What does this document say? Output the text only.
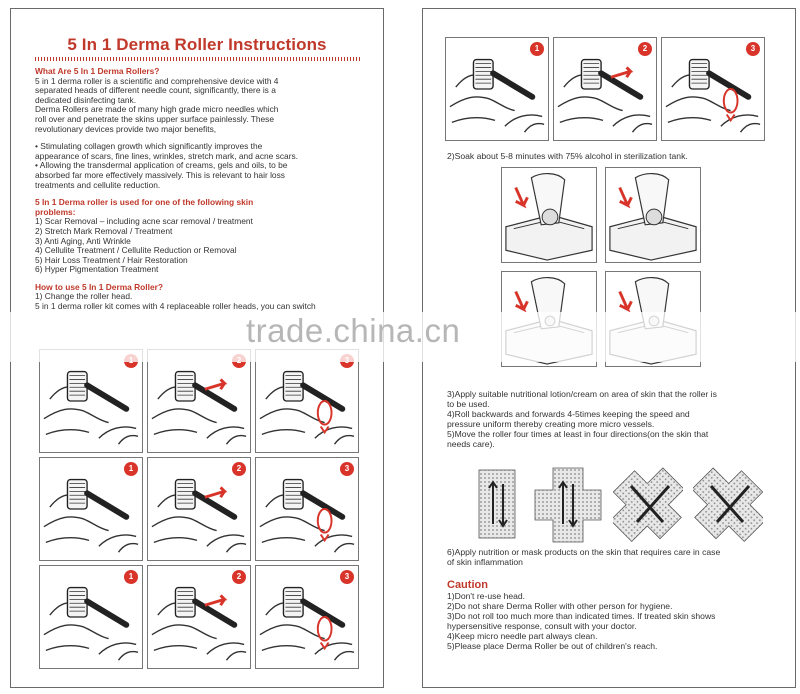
5 In 1 Derma Roller Instructions

What Are 5 In 1 Derma Rollers?

5 in 1 derma roller is a scientific and comprehensive device with 4

separated heads of different needle count, significantly, there is a

dedicated disinfecting tank.

Derma Rollers are made of many high grade micro needles which

roll over and penetrate the skins upper surface painlessly. These

revolutionary devices provide two major benefits,

• Stimulating collagen growth which significantly improves the

appearance of scars, fine lines, wrinkles, stretch mark, and acne scars.

• Allowing the transdermal application of creams, gels and oils, to be

absorbed far more effectively massively. This is relevant to hair loss

treatments and cellulite reduction.

5 In 1 Derma roller is used for one of the following skin

problems:

1) Scar Removal – including acne scar removal / treatment

2) Stretch Mark Removal / Treatment

3) Anti Aging, Anti Wrinkle

4) Cellulite Treatment / Cellulite Reduction or Removal

5) Hair Loss Treatment / Hair Restoration

6) Hyper Pigmentation Treatment

How to use 5 In 1 Derma Roller?

1) Change the roller head.

5 in 1 derma roller kit comes with 4 replaceable roller heads, you can switch

1	2	3
1	2	3
1	2	3
2)Soak about 5-8 minutes with 75% alcohol in sterilization tank.

3)Apply suitable nutritional lotion/cream on area of skin that the roller is

to be used.

4)Roll backwards and forwards 4-5times keeping the speed and

pressure uniform thereby creating more micro vessels.

5)Move the roller four times at least in four directions(on the skin that

needs care).

6)Apply nutrition or mask products on the skin that requires care in case

of skin inflammation

Caution

1)Don't re-use head.

2)Do not share Derma Roller with other person for hygiene.

3)Do not roll too much more than indicated times. If treated skin shows

hypersensitive response, consult with your doctor.

4)Keep micro needle part always clean.

5)Please place Derma Roller be out of children's reach.

trade.china.cn
